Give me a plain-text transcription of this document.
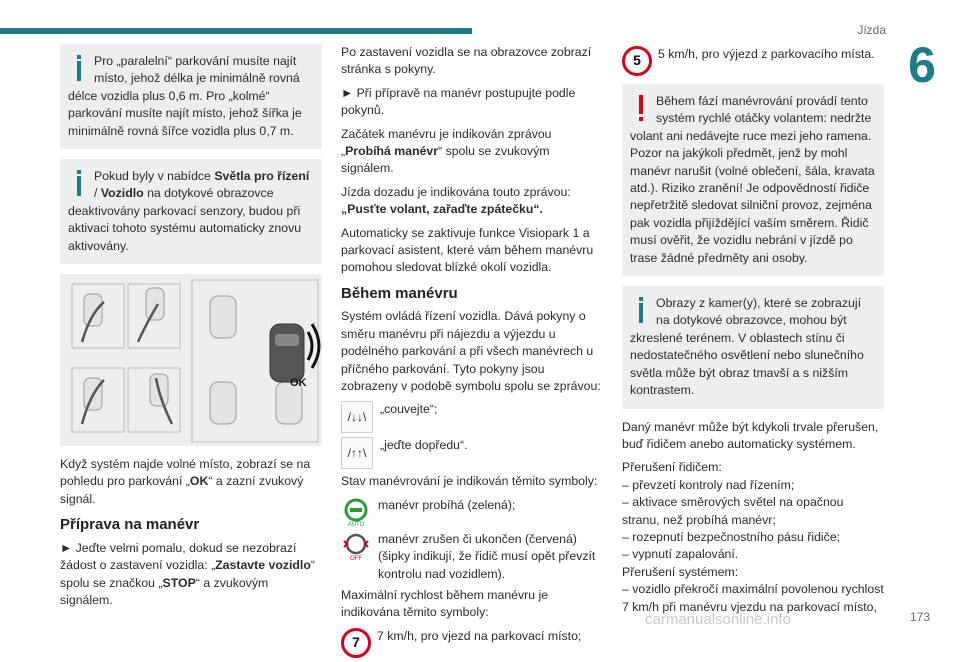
Jízda
6
Pro „paralelní“ parkování musíte najít místo, jehož délka je minimálně rovná délce vozidla plus 0,6 m. Pro „kolmé“ parkování musíte najít místo, jehož šířka je minimálně rovná šířce vozidla plus 0,7 m.
Pokud byly v nabídce Světla pro řízení / Vozidlo na dotykové obrazovce deaktivovány parkovací senzory, budou při aktivaci tohoto systému automaticky znovu aktivovány.
OK

Když systém najde volné místo, zobrazí se na pohledu pro parkování „OK“ a zazní zvukový signál.

Příprava na manévr

► Jeďte velmi pomalu, dokud se nezobrazí žádost o zastavení vozidla: „Zastavte vozidlo“ spolu se značkou „STOP“ a zvukovým signálem.

Po zastavení vozidla se na obrazovce zobrazí stránka s pokyny.

► Při přípravě na manévr postupujte podle pokynů.

Začátek manévru je indikován zprávou „Probíhá manévr“ spolu se zvukovým signálem.

Jízda dozadu je indikována touto zprávou:
„Pusťte volant, zařaďte zpátečku“.

Automaticky se zaktivuje funkce Visiopark 1 a parkovací asistent, které vám během manévru pomohou sledovat blízké okolí vozidla.

Během manévru

Systém ovládá řízení vozidla. Dává pokyny o směru manévru při nájezdu a výjezdu u podélného parkování a při všech manévrech u příčného parkování. Tyto pokyny jsou zobrazeny v podobě symbolu spolu se zprávou:

/↓↓\
„couvejte“;
/↑↑\
„jeďte dopředu“.

Stav manévrování je indikován těmito symboly:

AUTO
manévr probíhá (zelená);
OFF
manévr zrušen či ukončen (červená) (šipky indikují, že řidič musí opět převzít kontrolu nad vozidlem).

Maximální rychlost během manévru je indikována těmito symboly:

7	7 km/h, pro vjezd na parkovací místo;
5	5 km/h, pro výjezd z parkovacího místa.
Během fází manévrování provádí tento systém rychlé otáčky volantem: nedržte volant ani nedávejte ruce mezi jeho ramena. Pozor na jakýkoli předmět, jenž by mohl manévr narušit (volné oblečení, šála, kravata atd.). Riziko zranění! Je odpovědností řidiče nepřetržitě sledovat silniční provoz, zejména pak vozidla přijíždějící vaším směrem. Řidič musí ověřit, že vozidlu nebrání v jízdě po trase žádné předměty ani osoby.
Obrazy z kamer(y), které se zobrazují na dotykové obrazovce, mohou být zkreslené terénem. V oblastech stínu či nedostatečného osvětlení nebo slunečního světla může být obraz tmavší a s nižším kontrastem.

Daný manévr může být kdykoli trvale přerušen, buď řidičem anebo automaticky systémem.

Přerušení řidičem:
– převzetí kontroly nad řízením;
– aktivace směrových světel na opačnou stranu, než probíhá manévr;
– rozepnutí bezpečnostního pásu řidiče;
– vypnutí zapalování.
Přerušení systémem:
– vozidlo překročí maximální povolenou rychlost 7 km/h při manévru vjezdu na parkovací místo,
carmanualsonline.info	173
